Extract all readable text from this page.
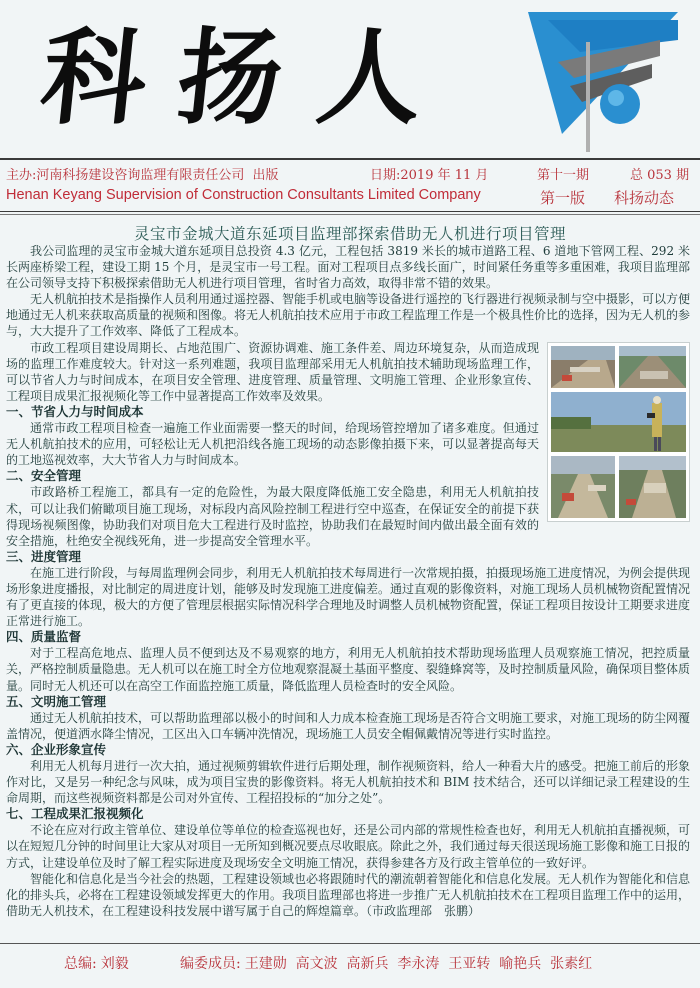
科 扬 人
主办:河南科扬建设咨询监理有限责任公司 出版	日期:2019 年 11 月	第十一期	总 053 期
Henan Keyang Supervision of Construction Consultants Limited Company	第一版 科扬动态
灵宝市金城大道东延项目监理部探索借助无人机进行项目管理

我公司监理的灵宝市金城大道东延项目总投资 4.3 亿元，工程包括 3819 米长的城市道路工程、6 道地下管网工程、292 米长两座桥梁工程，建设工期 15 个月，是灵宝市一号工程。面对工程项目点多线长面广，时间紧任务重等多重困难，我项目监理部在公司领导支持下积极探索借助无人机进行项目管理，省时省力高效，取得非常不错的效果。

无人机航拍技术是指操作人员利用通过遥控器、智能手机或电脑等设备进行遥控的飞行器进行视频录制与空中摄影，可以方便地通过无人机来获取高质量的视频和图像。将无人机航拍技术应用于市政工程监理工作是一个极具性价比的选择，因为无人机的参与，大大提升了工作效率、降低了工程成本。

市政工程项目建设周期长、占地范围广、资源协调难、施工条件差、周边环境复杂，从而造成现场的监理工作难度较大。针对这一系列难题，我项目监理部采用无人机航拍技术辅助现场监理工作，可以节省人力与时间成本，在项目安全管理、进度管理、质量管理、文明施工管理、企业形象宣传、工程项目成果汇报视频化等工作中显著提高工作效率及效果。

一、节省人力与时间成本

通常市政工程项目检查一遍施工作业面需要一整天的时间，给现场管控增加了诸多难度。但通过无人机航拍技术的应用，可轻松让无人机把沿线各施工现场的动态影像拍摄下来，可以显著提高每天的工地巡视效率，大大节省人力与时间成本。

二、安全管理

市政路桥工程施工，都具有一定的危险性，为最大限度降低施工安全隐患，利用无人机航拍技术，可以让我们俯瞰项目施工现场，对标段内高风险控制工程进行空中巡查，在保证安全的前提下获得现场视频图像，协助我们对项目危大工程进行及时监控，协助我们在最短时间内做出最全面有效的安全措施，杜绝安全视线死角，进一步提高安全管理水平。

三、进度管理

在施工进行阶段，与每周监理例会同步，利用无人机航拍技术每周进行一次常规拍摄，拍摄现场施工进度情况，为例会提供现场形象进度播报，对比制定的周进度计划，能够及时发现施工进度偏差。通过直观的影像资料，对施工现场人员机械物资配置情况有了更直接的体现，极大的方便了管理层根据实际情况科学合理地及时调整人员机械物资配置，保证工程项目按设计工期要求进度正常进行施工。

四、质量监督

对于工程高危地点、监理人员不便到达及不易观察的地方，利用无人机航拍技术帮助现场监理人员观察施工情况，把控质量关，严格控制质量隐患。无人机可以在施工时全方位地观察混凝土基面平整度、裂缝蜂窝等，及时控制质量风险，确保项目整体质量。同时无人机还可以在高空工作面监控施工质量，降低监理人员检查时的安全风险。

五、文明施工管理

通过无人机航拍技术，可以帮助监理部以极小的时间和人力成本检查施工现场是否符合文明施工要求，对施工现场的防尘网覆盖情况，便道洒水降尘情况，工区出入口车辆冲洗情况，现场施工人员安全帽佩戴情况等进行实时监控。

六、企业形象宣传

利用无人机每月进行一次大拍，通过视频剪辑软件进行后期处理，制作视频资料，给人一种看大片的感受。把施工前后的形象作对比，又是另一种纪念与风味，成为项目宝贵的影像资料。将无人机航拍技术和 BIM 技术结合，还可以详细记录工程建设的生命周期，而这些视频资料都是公司对外宣传、工程招投标的“加分之处”。

七、工程成果汇报视频化

不论在应对行政主管单位、建设单位等单位的检查巡视也好，还是公司内部的常规性检查也好，利用无人机航拍直播视频，可以在短短几分钟的时间里让大家从对项目一无所知到概况要点尽收眼底。除此之外，我们通过每天很送现场施工影像和施工日报的方式，让建设单位及时了解工程实际进度及现场安全文明施工情况，获得参建各方及行政主管单位的一致好评。

智能化和信息化是当今社会的热题，工程建设领域也必将跟随时代的潮流朝着智能化和信息化发展。无人机作为智能化和信息化的排头兵，必将在工程建设领域发挥更大的作用。我项目监理部也将进一步推广无人机航拍技术在工程项目监理工作中的运用，借助无人机技术，在工程建设科技发展中谱写属于自己的辉煌篇章。（市政监理部　张鹏）

总编: 刘毅	编委成员: 王建勋  高文波  高新兵  李永涛  王亚转  喻艳兵  张素红
